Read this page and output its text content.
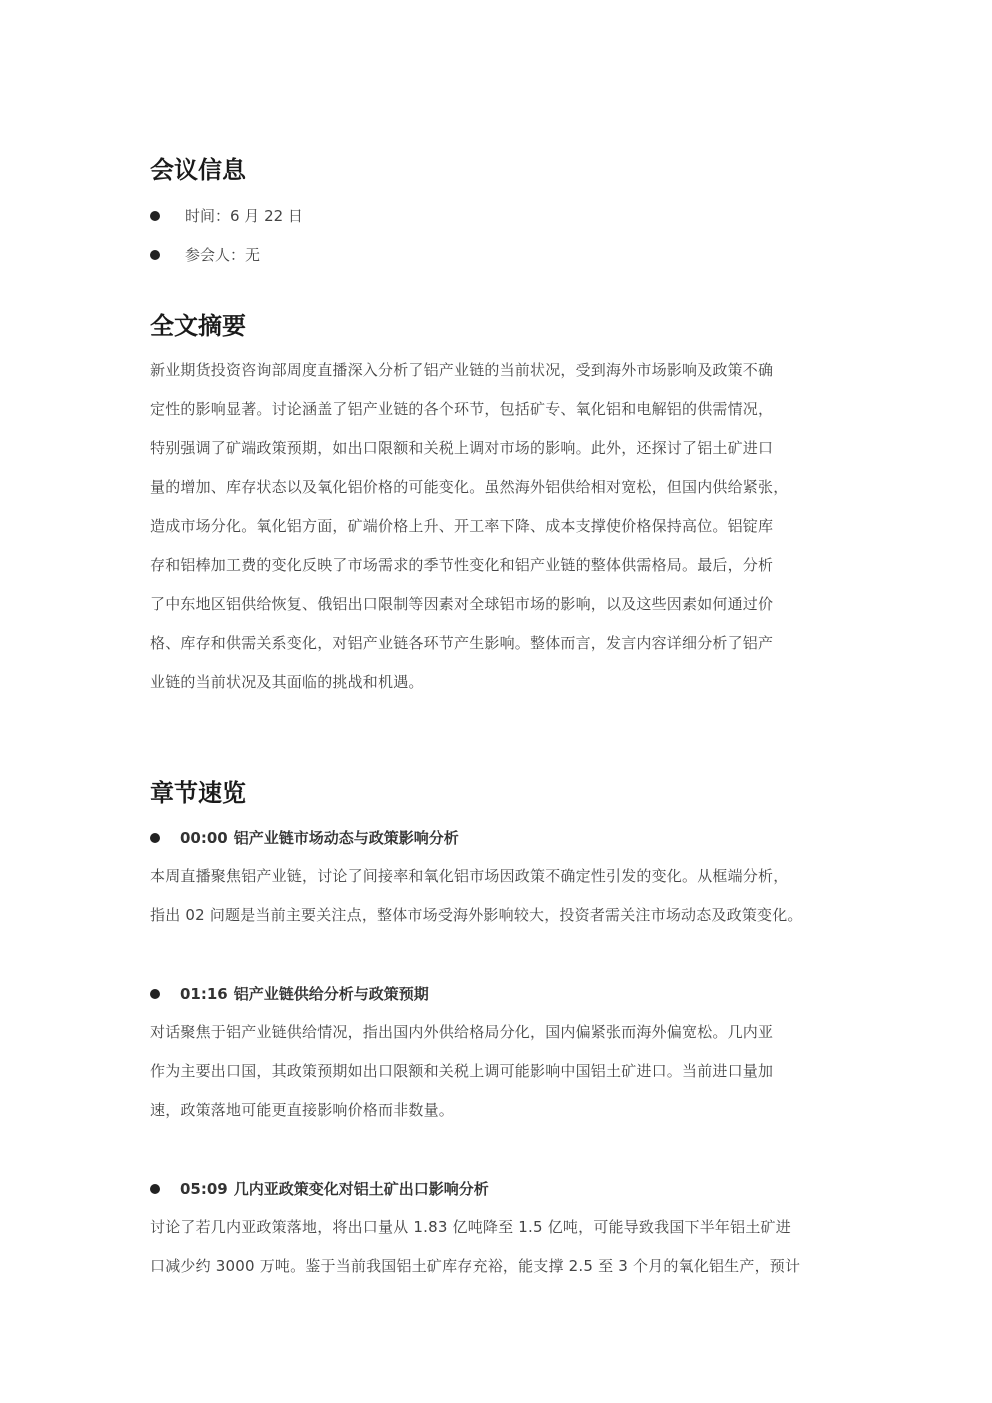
会议信息
时间：6 月 22 日
参会人：无
全文摘要
新业期货投资咨询部周度直播深入分析了铝产业链的当前状况，受到海外市场影响及政策不确
定性的影响显著。讨论涵盖了铝产业链的各个环节，包括矿专、氧化铝和电解铝的供需情况，
特别强调了矿端政策预期，如出口限额和关税上调对市场的影响。此外，还探讨了铝土矿进口
量的增加、库存状态以及氧化铝价格的可能变化。虽然海外铝供给相对宽松，但国内供给紧张，
造成市场分化。氧化铝方面，矿端价格上升、开工率下降、成本支撑使价格保持高位。铝锭库
存和铝棒加工费的变化反映了市场需求的季节性变化和铝产业链的整体供需格局。最后，分析
了中东地区铝供给恢复、俄铝出口限制等因素对全球铝市场的影响，以及这些因素如何通过价
格、库存和供需关系变化，对铝产业链各环节产生影响。整体而言，发言内容详细分析了铝产
业链的当前状况及其面临的挑战和机遇。
章节速览
00:00 铝产业链市场动态与政策影响分析
本周直播聚焦铝产业链，讨论了间接率和氧化铝市场因政策不确定性引发的变化。从框端分析，
指出 02 问题是当前主要关注点，整体市场受海外影响较大，投资者需关注市场动态及政策变化。
01:16 铝产业链供给分析与政策预期
对话聚焦于铝产业链供给情况，指出国内外供给格局分化，国内偏紧张而海外偏宽松。几内亚
作为主要出口国，其政策预期如出口限额和关税上调可能影响中国铝土矿进口。当前进口量加
速，政策落地可能更直接影响价格而非数量。
05:09 几内亚政策变化对铝土矿出口影响分析
讨论了若几内亚政策落地，将出口量从 1.83 亿吨降至 1.5 亿吨，可能导致我国下半年铝土矿进
口减少约 3000 万吨。鉴于当前我国铝土矿库存充裕，能支撑 2.5 至 3 个月的氧化铝生产，预计
